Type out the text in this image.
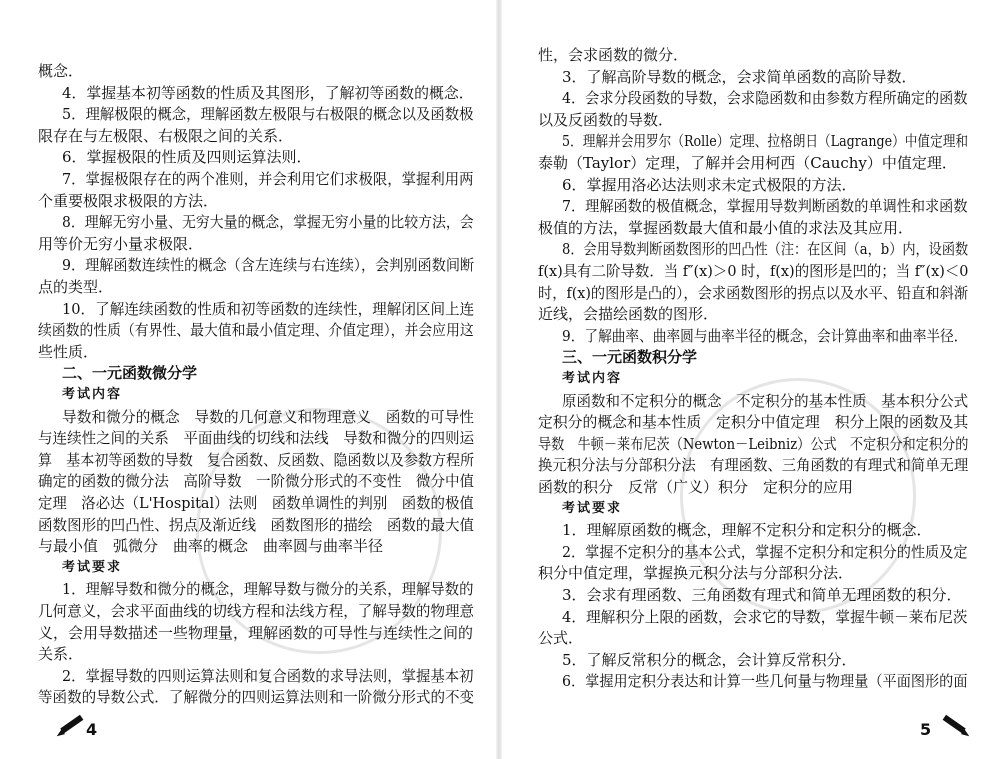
概念．
4．掌握基本初等函数的性质及其图形，了解初等函数的概念．
5．理解极限的概念，理解函数左极限与右极限的概念以及函数极
限存在与左极限、右极限之间的关系．
6．掌握极限的性质及四则运算法则．
7．掌握极限存在的两个准则，并会利用它们求极限，掌握利用两
个重要极限求极限的方法．
8．理解无穷小量、无穷大量的概念，掌握无穷小量的比较方法，会
用等价无穷小量求极限．
9．理解函数连续性的概念（含左连续与右连续），会判别函数间断
点的类型．
10．了解连续函数的性质和初等函数的连续性，理解闭区间上连
续函数的性质（有界性、最大值和最小值定理、介值定理），并会应用这
些性质．
二、一元函数微分学
考试内容
导数和微分的概念　导数的几何意义和物理意义　函数的可导性
与连续性之间的关系　平面曲线的切线和法线　导数和微分的四则运
算　基本初等函数的导数　复合函数、反函数、隐函数以及参数方程所
确定的函数的微分法　高阶导数　一阶微分形式的不变性　微分中值
定理　洛必达（L'Hospital）法则　函数单调性的判别　函数的极值
函数图形的凹凸性、拐点及渐近线　函数图形的描绘　函数的最大值
与最小值　弧微分　曲率的概念　曲率圆与曲率半径
考试要求
1．理解导数和微分的概念，理解导数与微分的关系，理解导数的
几何意义，会求平面曲线的切线方程和法线方程，了解导数的物理意
义，会用导数描述一些物理量，理解函数的可导性与连续性之间的
关系．
2．掌握导数的四则运算法则和复合函数的求导法则，掌握基本初
等函数的导数公式．了解微分的四则运算法则和一阶微分形式的不变
4
性，会求函数的微分．
3．了解高阶导数的概念，会求简单函数的高阶导数．
4．会求分段函数的导数，会求隐函数和由参数方程所确定的函数
以及反函数的导数．
5．理解并会用罗尔（Rolle）定理、拉格朗日（Lagrange）中值定理和
泰勒（Taylor）定理，了解并会用柯西（Cauchy）中值定理．
6．掌握用洛必达法则求未定式极限的方法．
7．理解函数的极值概念，掌握用导数判断函数的单调性和求函数
极值的方法，掌握函数最大值和最小值的求法及其应用．
8．会用导数判断函数图形的凹凸性（注：在区间（a，b）内，设函数
f(x)具有二阶导数．当 f″(x)＞0 时，f(x)的图形是凹的；当 f″(x)＜0
时，f(x)的图形是凸的），会求函数图形的拐点以及水平、铅直和斜渐
近线，会描绘函数的图形．
9．了解曲率、曲率圆与曲率半径的概念，会计算曲率和曲率半径．
三、一元函数积分学
考试内容
原函数和不定积分的概念　不定积分的基本性质　基本积分公式
定积分的概念和基本性质　定积分中值定理　积分上限的函数及其
导数　牛顿－莱布尼茨（Newton－Leibniz）公式　不定积分和定积分的
换元积分法与分部积分法　有理函数、三角函数的有理式和简单无理
函数的积分　反常（广义）积分　定积分的应用
考试要求
1．理解原函数的概念，理解不定积分和定积分的概念．
2．掌握不定积分的基本公式，掌握不定积分和定积分的性质及定
积分中值定理，掌握换元积分法与分部积分法．
3．会求有理函数、三角函数有理式和简单无理函数的积分．
4．理解积分上限的函数，会求它的导数，掌握牛顿－莱布尼茨
公式．
5．了解反常积分的概念，会计算反常积分．
6．掌握用定积分表达和计算一些几何量与物理量（平面图形的面
5
